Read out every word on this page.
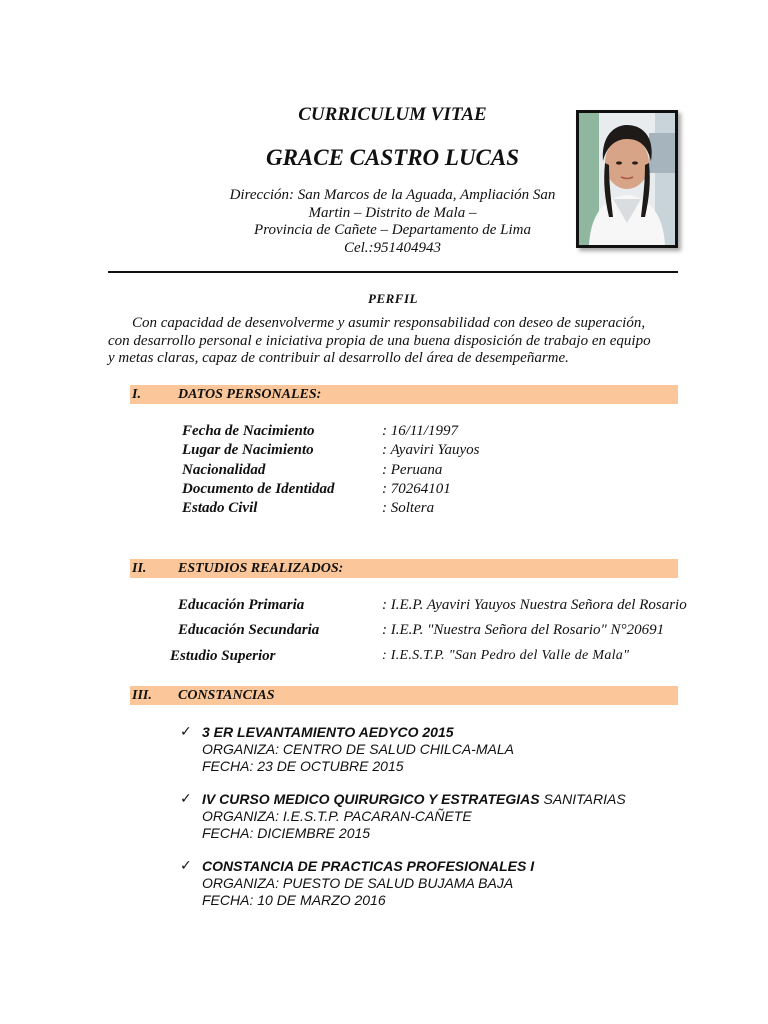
CURRICULUM VITAE
GRACE CASTRO LUCAS
Dirección: San Marcos de la Aguada, Ampliación San
Martin – Distrito de Mala –
Provincia de Cañete – Departamento de Lima
Cel.:951404943
PERFIL
Con capacidad de desenvolverme y asumir responsabilidad con deseo de superación,
con desarrollo personal e iniciativa propia de una buena disposición de trabajo en equipo
y metas claras, capaz de contribuir al desarrollo del área de desempeñarme.
I.	DATOS PERSONALES:
Fecha de Nacimiento	: 16/11/1997
Lugar de Nacimiento	: Ayaviri Yauyos
Nacionalidad	: Peruana
Documento de Identidad	: 70264101
Estado Civil	: Soltera
II. ESTUDIOS REALIZADOS:
Educación Primaria	: I.E.P. Ayaviri Yauyos Nuestra Señora del Rosario
Educación Secundaria	: I.E.P. "Nuestra Señora del Rosario" N°20691
Estudio Superior	: I.E.S.T.P. "San Pedro del Valle de Mala"
III. CONSTANCIAS
✓ 3 ER LEVANTAMIENTO AEDYCO 2015
ORGANIZA: CENTRO DE SALUD CHILCA-MALA
FECHA: 23 DE OCTUBRE 2015
✓ IV CURSO MEDICO QUIRURGICO Y ESTRATEGIAS SANITARIAS
ORGANIZA: I.E.S.T.P. PACARAN-CAÑETE
FECHA: DICIEMBRE 2015
✓ CONSTANCIA DE PRACTICAS PROFESIONALES I
ORGANIZA: PUESTO DE SALUD BUJAMA BAJA
FECHA: 10 DE MARZO 2016
